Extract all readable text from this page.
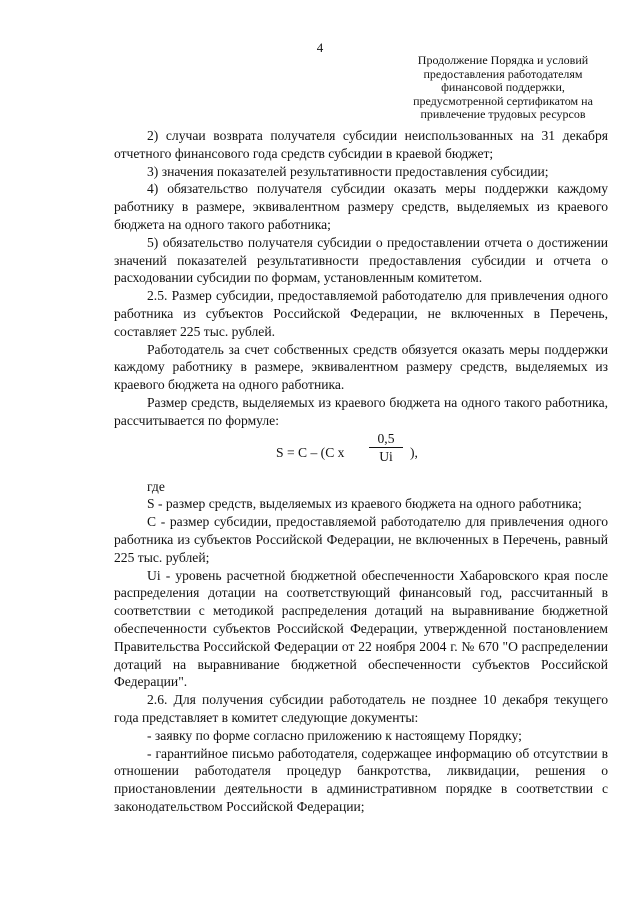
4
Продолжение Порядка и условий
предоставления работодателям
финансовой поддержки,
предусмотренной сертификатом на
привлечение трудовых ресурсов

2) случаи возврата получателя субсидии неиспользованных на 31 декабря отчетного финансового года средств субсидии в краевой бюджет;

3) значения показателей результативности предоставления субсидии;

4) обязательство получателя субсидии оказать меры поддержки каждому работнику в размере, эквивалентном размеру средств, выделяемых из краевого бюджета на одного такого работника;

5) обязательство получателя субсидии о предоставлении отчета о достижении значений показателей результативности предоставления субсидии и отчета о расходовании субсидии по формам, установленным комитетом.

2.5. Размер субсидии, предоставляемой работодателю для привлечения одного работника из субъектов Российской Федерации, не включенных в Перечень, составляет 225 тыс. рублей.

Работодатель за счет собственных средств обязуется оказать меры поддержки каждому работнику в размере, эквивалентном размеру средств, выделяемых из краевого бюджета на одного работника.

Размер средств, выделяемых из краевого бюджета на одного такого работника, рассчитывается по формуле:

S = C – (C x $\frac{0,5}{Ui}$ ),

где

S - размер средств, выделяемых из краевого бюджета на одного работника;

C - размер субсидии, предоставляемой работодателю для привлечения одного работника из субъектов Российской Федерации, не включенных в Перечень, равный 225 тыс. рублей;

Ui - уровень расчетной бюджетной обеспеченности Хабаровского края после распределения дотации на соответствующий финансовый год, рассчитанный в соответствии с методикой распределения дотаций на выравнивание бюджетной обеспеченности субъектов Российской Федерации, утвержденной постановлением Правительства Российской Федерации от 22 ноября 2004 г. № 670 "О распределении дотаций на выравнивание бюджетной обеспеченности субъектов Российской Федерации".

2.6. Для получения субсидии работодатель не позднее 10 декабря текущего года представляет в комитет следующие документы:

- заявку по форме согласно приложению к настоящему Порядку;

- гарантийное письмо работодателя, содержащее информацию об отсутствии в отношении работодателя процедур банкротства, ликвидации, решения о приостановлении деятельности в административном порядке в соответствии с законодательством Российской Федерации;
